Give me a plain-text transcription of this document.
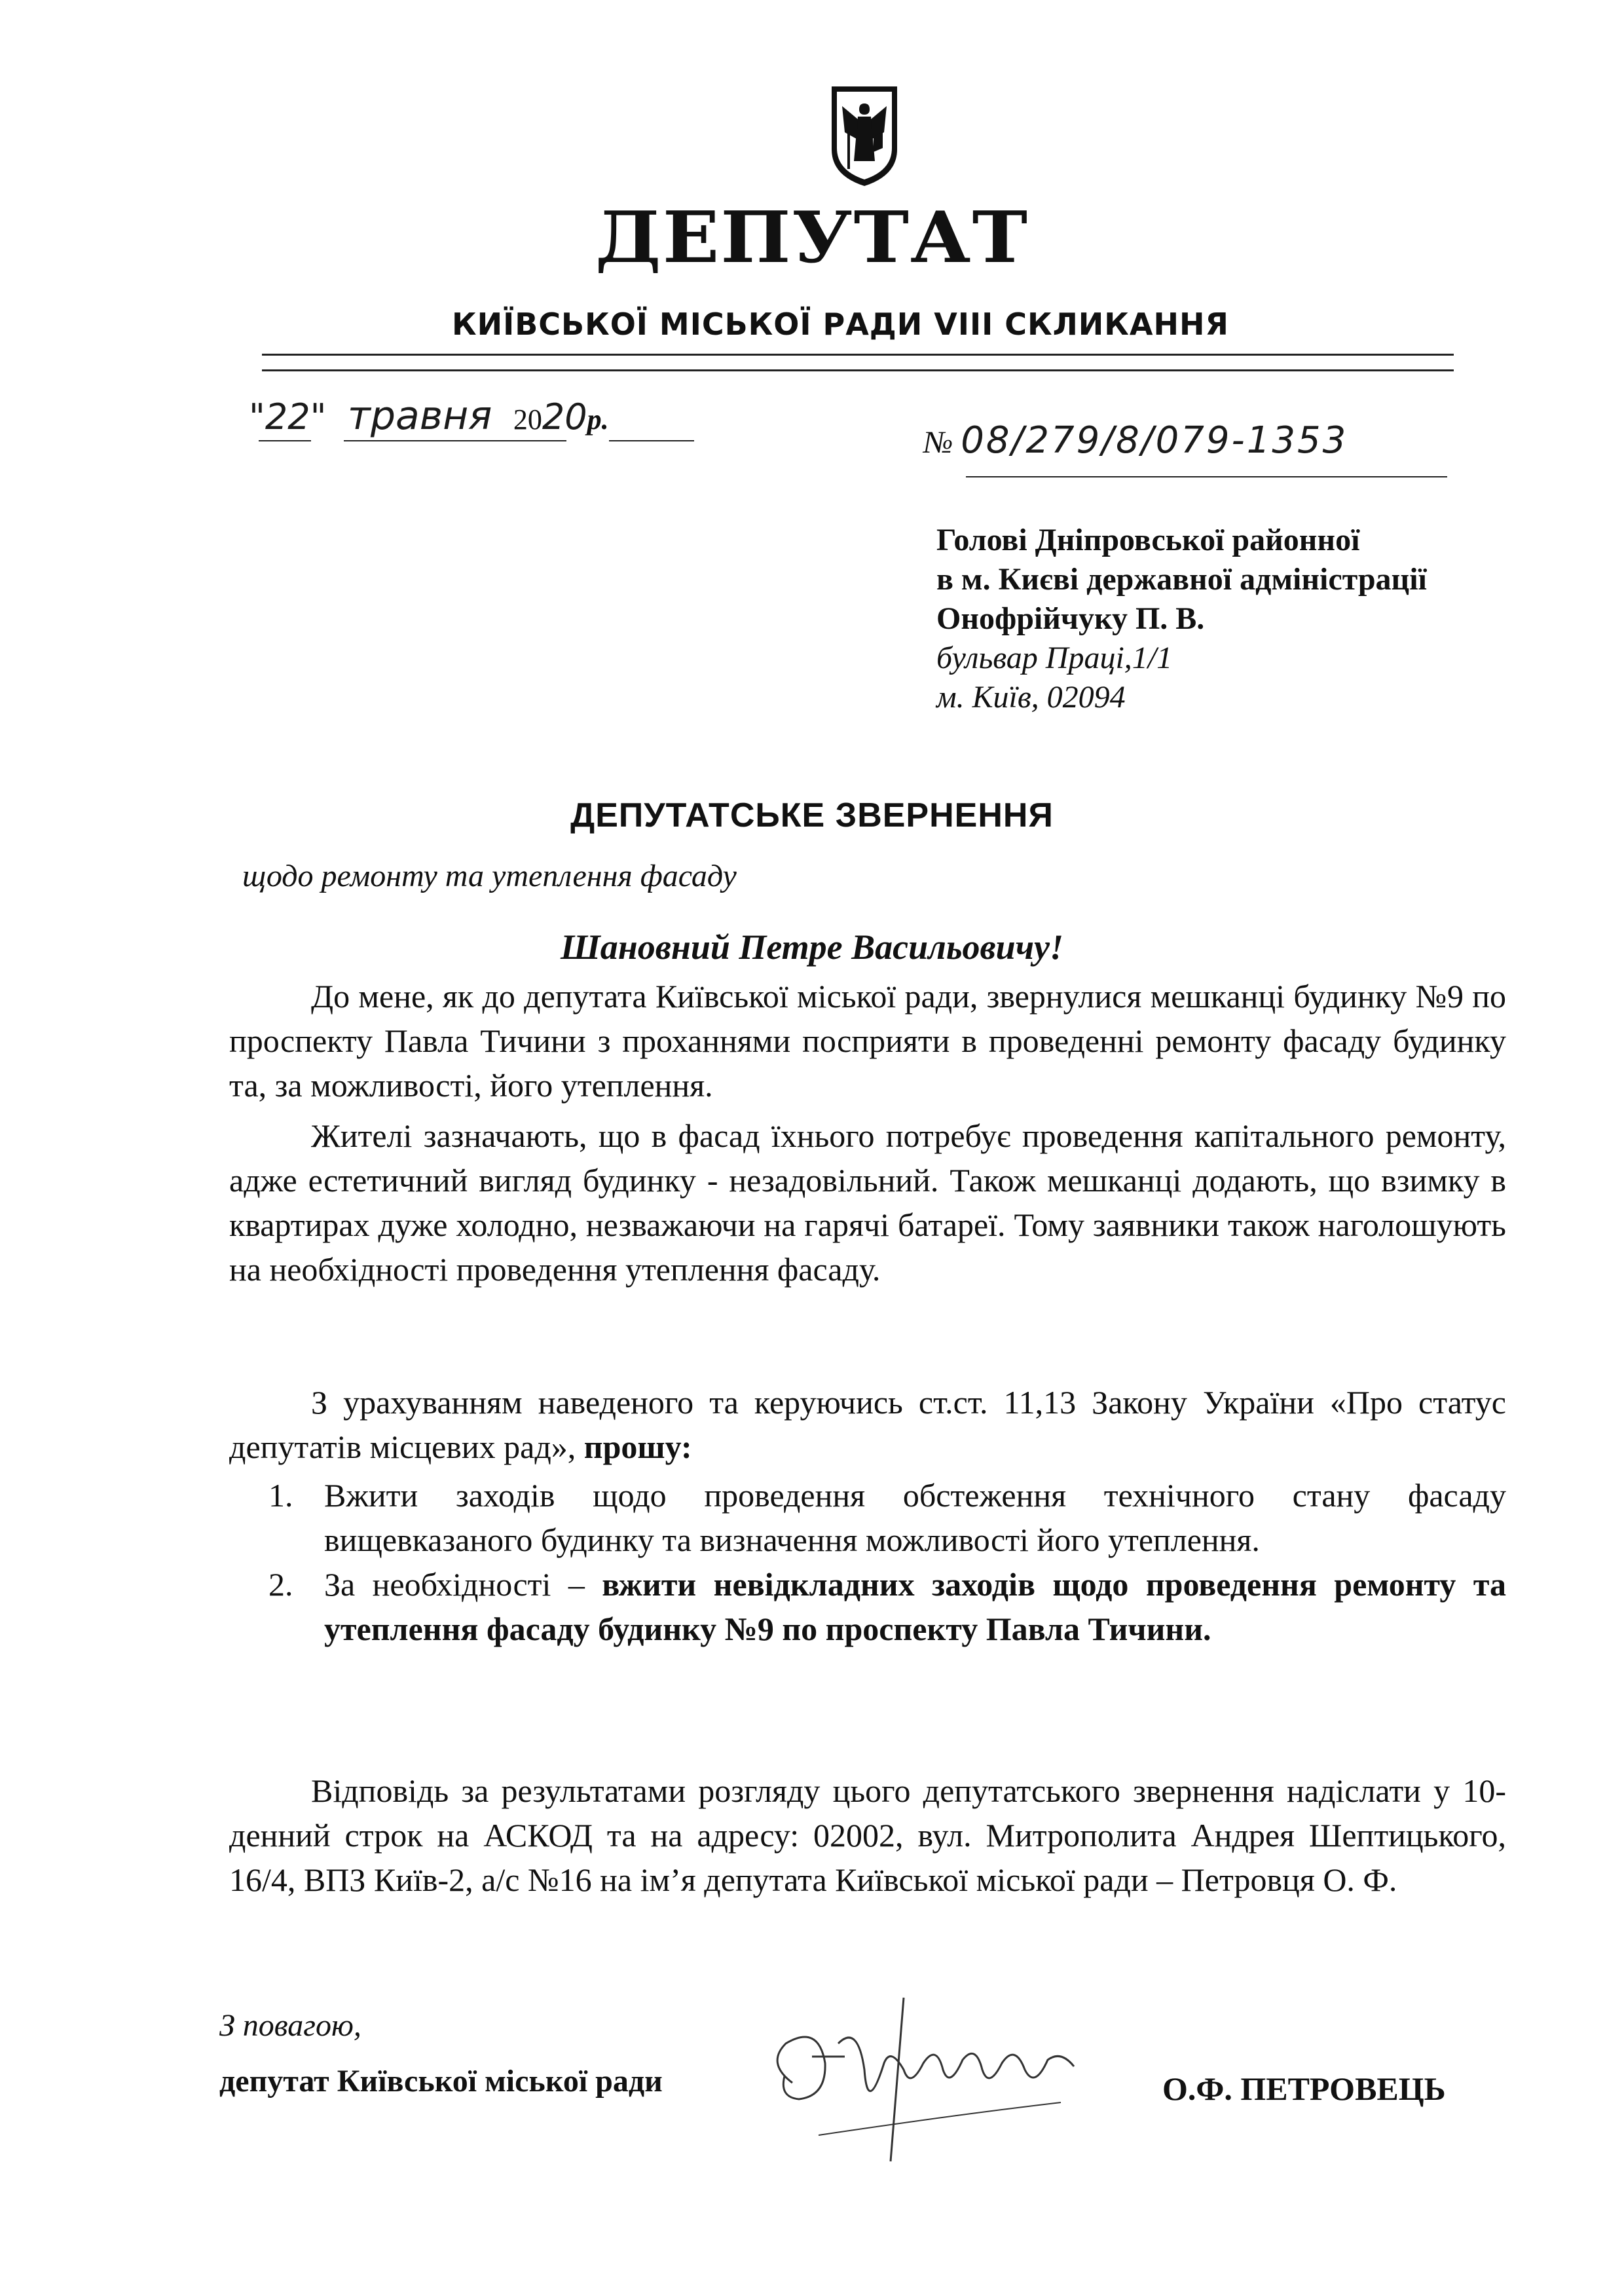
ДЕПУТАТ
КИЇВСЬКОЇ МІСЬКОЇ РАДИ VIII СКЛИКАННЯ
"22" травня 2020р.
№ 08/279/8/079-1353
Голові Дніпровської районної
в м. Києві державної адміністрації
Онофрійчуку П. В.
бульвар Праці,1/1
м. Київ, 02094
ДЕПУТАТСЬКЕ ЗВЕРНЕННЯ
щодо ремонту та утеплення фасаду
Шановний Петре Васильовичу!

До мене, як до депутата Київської міської ради, звернулися мешканці будинку №9 по проспекту Павла Тичини з проханнями посприяти в проведенні ремонту фасаду будинку та, за можливості, його утеплення.

Жителі зазначають, що в фасад їхнього потребує проведення капітального ремонту, адже естетичний вигляд будинку - незадовільний. Також мешканці додають, що взимку в квартирах дуже холодно, незважаючи на гарячі батареї. Тому заявники також наголошують на необхідності проведення утеплення фасаду.

З урахуванням наведеного та керуючись ст.ст. 11,13 Закону України «Про статус депутатів місцевих рад», прошу:

1. Вжити заходів щодо проведення обстеження технічного стану фасаду вищевказаного будинку та визначення можливості його утеплення.

2. За необхідності – вжити невідкладних заходів щодо проведення ремонту та утеплення фасаду будинку №9 по проспекту Павла Тичини.

Відповідь за результатами розгляду цього депутатського звернення надіслати у 10-денний строк на АСКОД та на адресу: 02002, вул. Митрополита Андрея Шептицького, 16/4, ВПЗ Київ-2, а/с №16 на ім’я депутата Київської міської ради – Петровця О. Ф.

З повагою,
депутат Київської міської ради	О.Ф. ПЕТРОВЕЦЬ
